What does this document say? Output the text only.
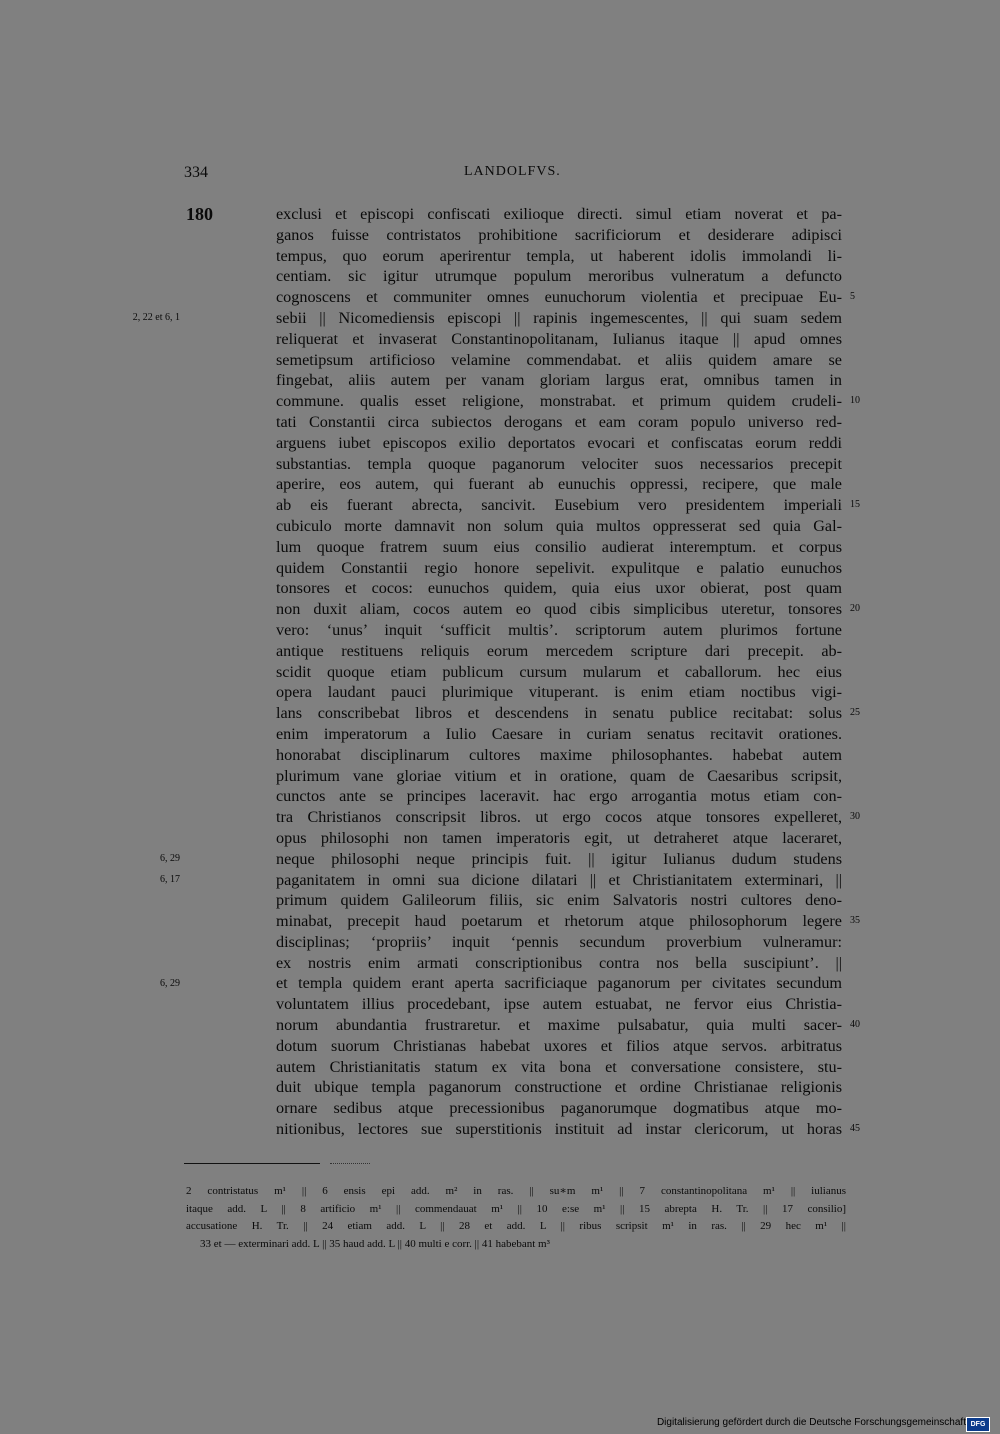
334	LANDOLFVS.
180
2, 22 et 6, 1
6, 29
6, 17
6, 29
exclusi et episcopi confiscati exilioque directi. simul etiam noverat et pa-
ganos fuisse contristatos prohibitione sacrificiorum et desiderare adipisci
tempus, quo eorum aperirentur templa, ut haberent idolis immolandi li-
centiam. sic igitur utrumque populum meroribus vulneratum a defuncto
cognoscens et communiter omnes eunuchorum violentia et precipuae Eu-
sebii || Nicomediensis episcopi || rapinis ingemescentes, || qui suam sedem
reliquerat et invaserat Constantinopolitanam, Iulianus itaque || apud omnes
semetipsum artificioso velamine commendabat. et aliis quidem amare se
fingebat, aliis autem per vanam gloriam largus erat, omnibus tamen in
commune. qualis esset religione, monstrabat. et primum quidem crudeli-
tati Constantii circa subiectos derogans et eam coram populo universo red-
arguens iubet episcopos exilio deportatos evocari et confiscatas eorum reddi
substantias. templa quoque paganorum velociter suos necessarios precepit
aperire, eos autem, qui fuerant ab eunuchis oppressi, recipere, que male
ab eis fuerant abrecta, sancivit. Eusebium vero presidentem imperiali
cubiculo morte damnavit non solum quia multos oppresserat sed quia Gal-
lum quoque fratrem suum eius consilio audierat interemptum. et corpus
quidem Constantii regio honore sepelivit. expulitque e palatio eunuchos
tonsores et cocos: eunuchos quidem, quia eius uxor obierat, post quam
non duxit aliam, cocos autem eo quod cibis simplicibus uteretur, tonsores
vero: ‘unus’ inquit ‘sufficit multis’. scriptorum autem plurimos fortune
antique restituens reliquis eorum mercedem scripture dari precepit. ab-
scidit quoque etiam publicum cursum mularum et caballorum. hec eius
opera laudant pauci plurimique vituperant. is enim etiam noctibus vigi-
lans conscribebat libros et descendens in senatu publice recitabat: solus
enim imperatorum a Iulio Caesare in curiam senatus recitavit orationes.
honorabat disciplinarum cultores maxime philosophantes. habebat autem
plurimum vane gloriae vitium et in oratione, quam de Caesaribus scripsit,
cunctos ante se principes laceravit. hac ergo arrogantia motus etiam con-
tra Christianos conscripsit libros. ut ergo cocos atque tonsores expelleret,
opus philosophi non tamen imperatoris egit, ut detraheret atque laceraret,
neque philosophi neque principis fuit. || igitur Iulianus dudum studens
paganitatem in omni sua dicione dilatari || et Christianitatem exterminari, ||
primum quidem Galileorum filiis, sic enim Salvatoris nostri cultores deno-
minabat, precepit haud poetarum et rhetorum atque philosophorum legere
disciplinas; ‘propriis’ inquit ‘pennis secundum proverbium vulneramur:
ex nostris enim armati conscriptionibus contra nos bella suscipiunt’. ||
et templa quidem erant aperta sacrificiaque paganorum per civitates secundum
voluntatem illius procedebant, ipse autem estuabat, ne fervor eius Christia-
norum abundantia frustraretur. et maxime pulsabatur, quia multi sacer-
dotum suorum Christianas habebat uxores et filios atque servos. arbitratus
autem Christianitatis statum ex vita bona et conversatione consistere, stu-
duit ubique templa paganorum constructione et ordine Christianae religionis
ornare sedibus atque precessionibus paganorumque dogmatibus atque mo-
nitionibus, lectores sue superstitionis instituit ad instar clericorum, ut horas
5
10
15
20
25
30
35
40
45
2 contristatus m¹ || 6 ensis epi add. m² in ras. || su∗m m¹ || 7 constantinopolitana m¹ || iulianus
itaque add. L || 8 artificio m¹ || commendauat m¹ || 10 e:se m¹ || 15 abrepta H. Tr. || 17 consilio]
accusatione H. Tr. || 24 etiam add. L || 28 et add. L || ribus scripsit m¹ in ras. || 29 hec m¹ ||
33 et — exterminari add. L || 35 haud add. L || 40 multi e corr. || 41 habebant m³
Digitalisierung gefördert durch die Deutsche Forschungsgemeinschaft DFG
